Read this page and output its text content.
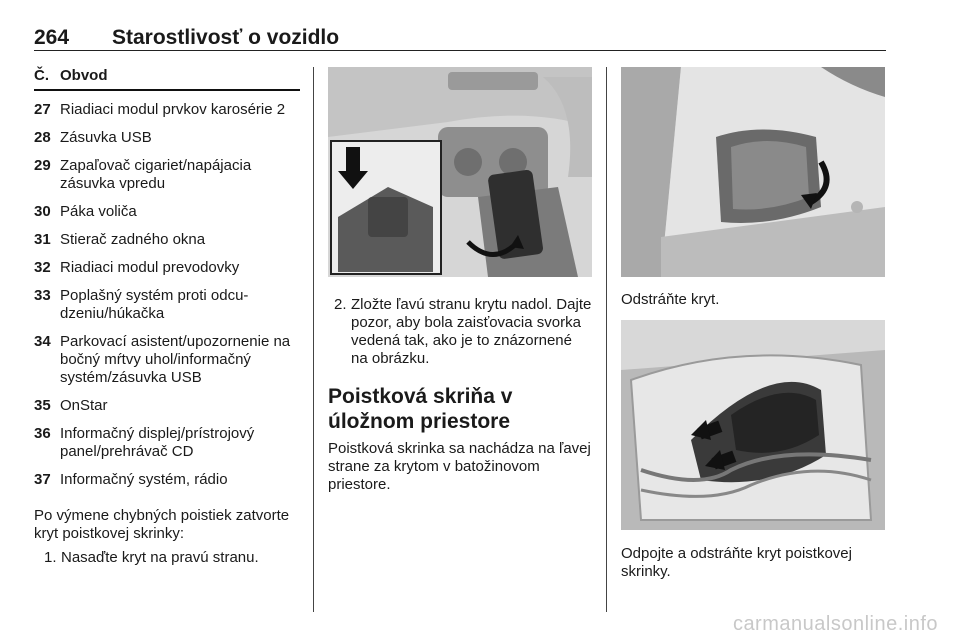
264 Starostlivosť o vozidlo
Č. Obvod
27 Riadiaci modul prvkov karosérie 2
28 Zásuvka USB
29 Zapaľovač cigariet/napájacia zásuvka vpredu
30 Páka voliča
31 Stierač zadného okna
32 Riadiaci modul prevodovky
33 Poplašný systém proti odcudzeniu/húkačka
34 Parkovací asistent/upozornenie na bočný mŕtvy uhol/informačný systém/zásuvka USB
35 OnStar
36 Informačný displej/prístrojový panel/prehrávač CD
37 Informačný systém, rádio
Po výmene chybných poistiek zatvorte kryt poistkovej skrinky:
1. Nasaďte kryt na pravú stranu.
2. Zložte ľavú stranu krytu nadol. Dajte pozor, aby bola zaisťovacia svorka vedená tak, ako je to znázornené na obrázku.
Poistková skriňa v úložnom priestore
Poistková skrinka sa nachádza na ľavej strane za krytom v batožinovom priestore.
Odstráňte kryt.
Odpojte a odstráňte kryt poistkovej skrinky.
carmanualsonline.info
